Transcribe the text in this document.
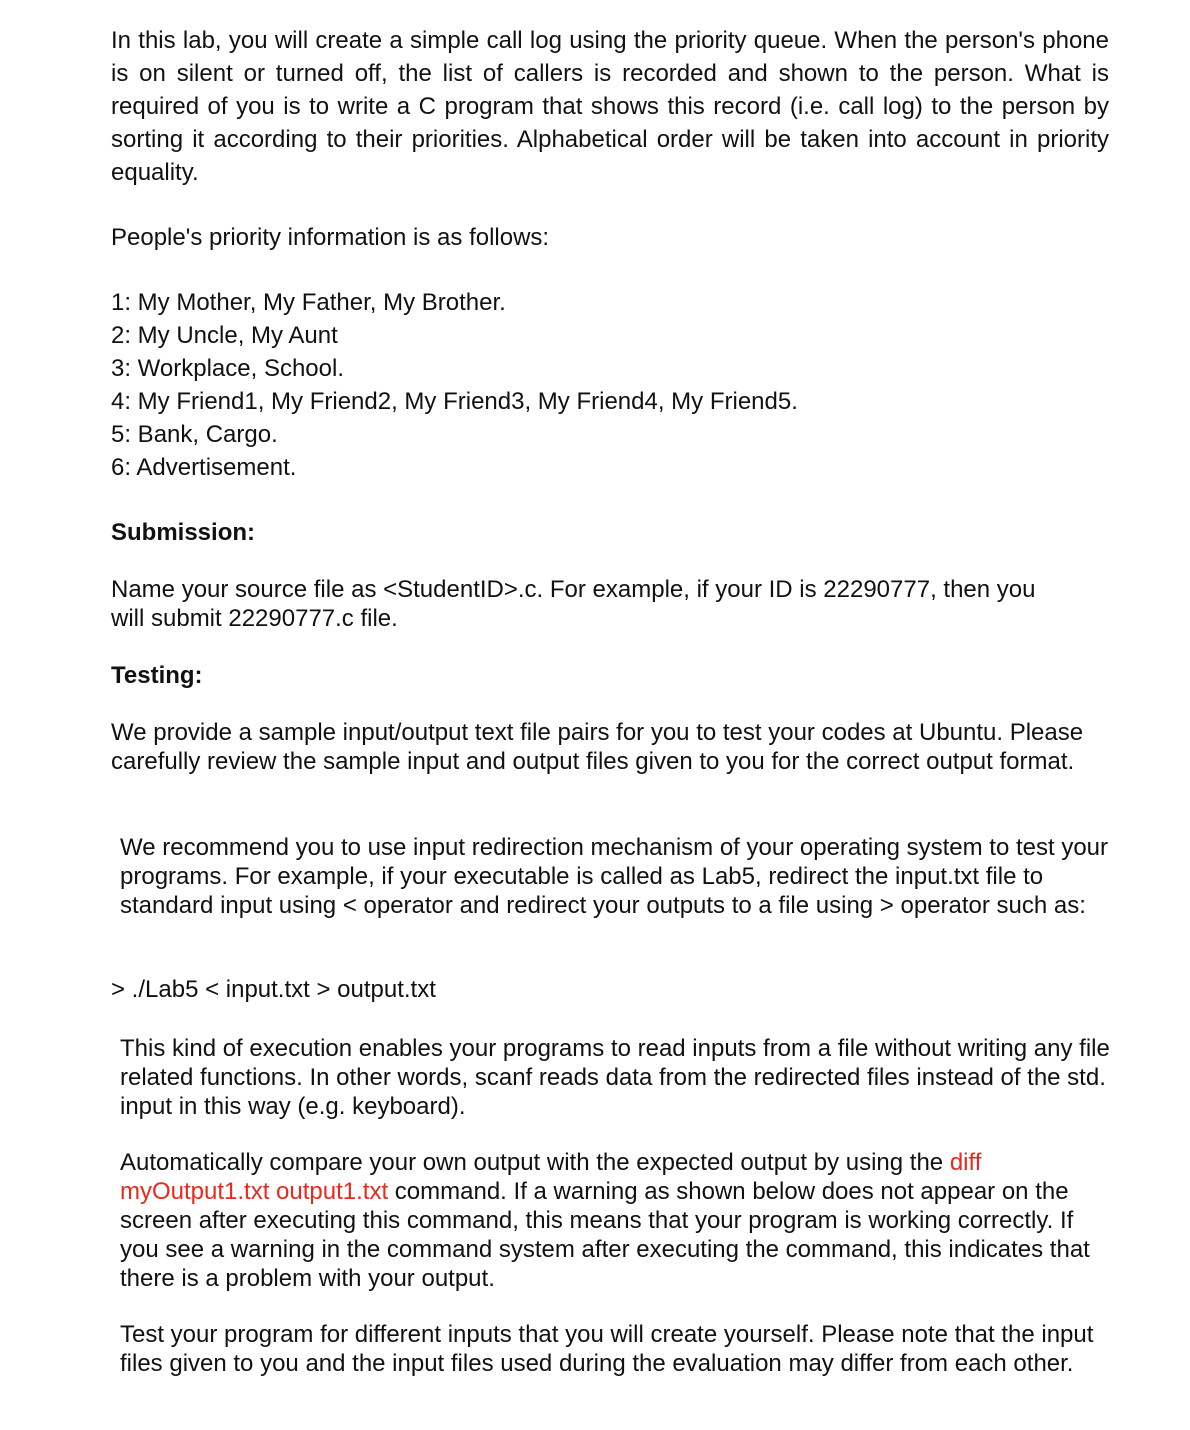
In this lab, you will create a simple call log using the priority queue. When the person's phone is on silent or turned off, the list of callers is recorded and shown to the person. What is required of you is to write a C program that shows this record (i.e. call log) to the person by sorting it according to their priorities. Alphabetical order will be taken into account in priority equality.

People's priority information is as follows:

1: My Mother, My Father, My Brother.
2: My Uncle, My Aunt
3: Workplace, School.
4: My Friend1, My Friend2, My Friend3, My Friend4, My Friend5.
5: Bank, Cargo.
6: Advertisement.
Submission:

Name your source file as <StudentID>.c. For example, if your ID is 22290777, then you will submit 22290777.c file.

Testing:

We provide a sample input/output text file pairs for you to test your codes at Ubuntu. Please carefully review the sample input and output files given to you for the correct output format.

We recommend you to use input redirection mechanism of your operating system to test your programs. For example, if your executable is called as Lab5, redirect the input.txt file to standard input using < operator and redirect your outputs to a file using > operator such as:

> ./Lab5 < input.txt > output.txt

This kind of execution enables your programs to read inputs from a file without writing any file related functions. In other words, scanf reads data from the redirected files instead of the std. input in this way (e.g. keyboard).

Automatically compare your own output with the expected output by using the diff myOutput1.txt output1.txt command. If a warning as shown below does not appear on the screen after executing this command, this means that your program is working correctly. If you see a warning in the command system after executing the command, this indicates that there is a problem with your output.

Test your program for different inputs that you will create yourself. Please note that the input files given to you and the input files used during the evaluation may differ from each other.
